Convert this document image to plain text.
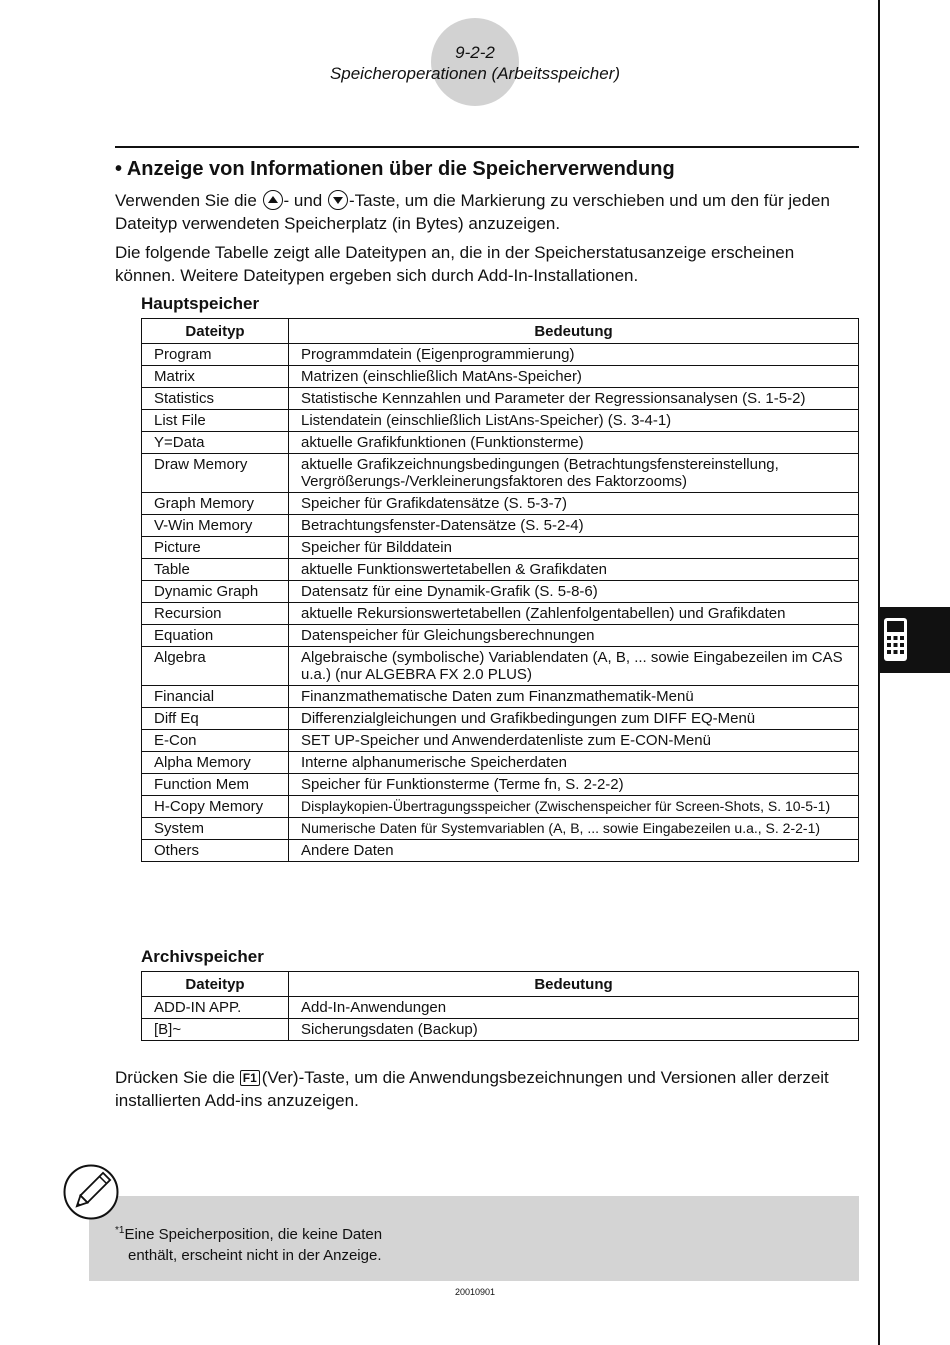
9-2-2
Speicheroperationen (Arbeitsspeicher)
• Anzeige von Informationen über die Speicherverwendung
Verwenden Sie die
- und
-Taste, um die Markierung zu verschieben und um den für jeden Dateityp verwendeten Speicherplatz (in Bytes) anzuzeigen.
Die folgende Tabelle zeigt alle Dateitypen an, die in der Speicherstatusanzeige erscheinen können. Weitere Dateitypen ergeben sich durch Add-In-Installationen.
Hauptspeicher
Dateityp	Bedeutung
Program	Programmdatein (Eigenprogrammierung)
Matrix	Matrizen (einschließlich MatAns-Speicher)
Statistics	Statistische Kennzahlen und Parameter der Regressionsanalysen (S. 1-5-2)
List File	Listendatein (einschließlich ListAns-Speicher) (S. 3-4-1)
Y=Data	aktuelle Grafikfunktionen (Funktionsterme)
Draw Memory	aktuelle Grafikzeichnungsbedingungen (Betrachtungsfenstereinstellung, Vergrößerungs-/Verkleinerungsfaktoren des Faktorzooms)
Graph Memory	Speicher für Grafikdatensätze (S. 5-3-7)
V-Win Memory	Betrachtungsfenster-Datensätze (S. 5-2-4)
Picture	Speicher für Bilddatein
Table	aktuelle Funktionswertetabellen & Grafikdaten
Dynamic Graph	Datensatz für eine Dynamik-Grafik (S. 5-8-6)
Recursion	aktuelle Rekursionswertetabellen (Zahlenfolgentabellen) und Grafikdaten
Equation	Datenspeicher für Gleichungsberechnungen
Algebra	Algebraische (symbolische) Variablendaten (A, B, ... sowie Eingabezeilen im CAS u.a.) (nur ALGEBRA FX 2.0 PLUS)
Financial	Finanzmathematische Daten zum Finanzmathematik-Menü
Diff Eq	Differenzialgleichungen und Grafikbedingungen zum DIFF EQ-Menü
E-Con	SET UP-Speicher und Anwenderdatenliste zum E-CON-Menü
Alpha Memory	Interne alphanumerische Speicherdaten
Function Mem	Speicher für Funktionsterme (Terme fn, S. 2-2-2)
H-Copy Memory	Displaykopien-Übertragungsspeicher (Zwischenspeicher für Screen-Shots, S. 10-5-1)
System	Numerische Daten für Systemvariablen (A, B, ... sowie Eingabezeilen u.a., S. 2-2-1)
Others	Andere Daten
Archivspeicher
Dateityp	Bedeutung
ADD-IN APP.	Add-In-Anwendungen
[B]~	Sicherungsdaten (Backup)
Drücken Sie die F1 (Ver)-Taste, um die Anwendungsbezeichnungen und Versionen aller derzeit installierten Add-ins anzuzeigen.
$^{*1}$Eine Speicherposition, die keine Daten
enthält, erscheint nicht in der Anzeige.
20010901
